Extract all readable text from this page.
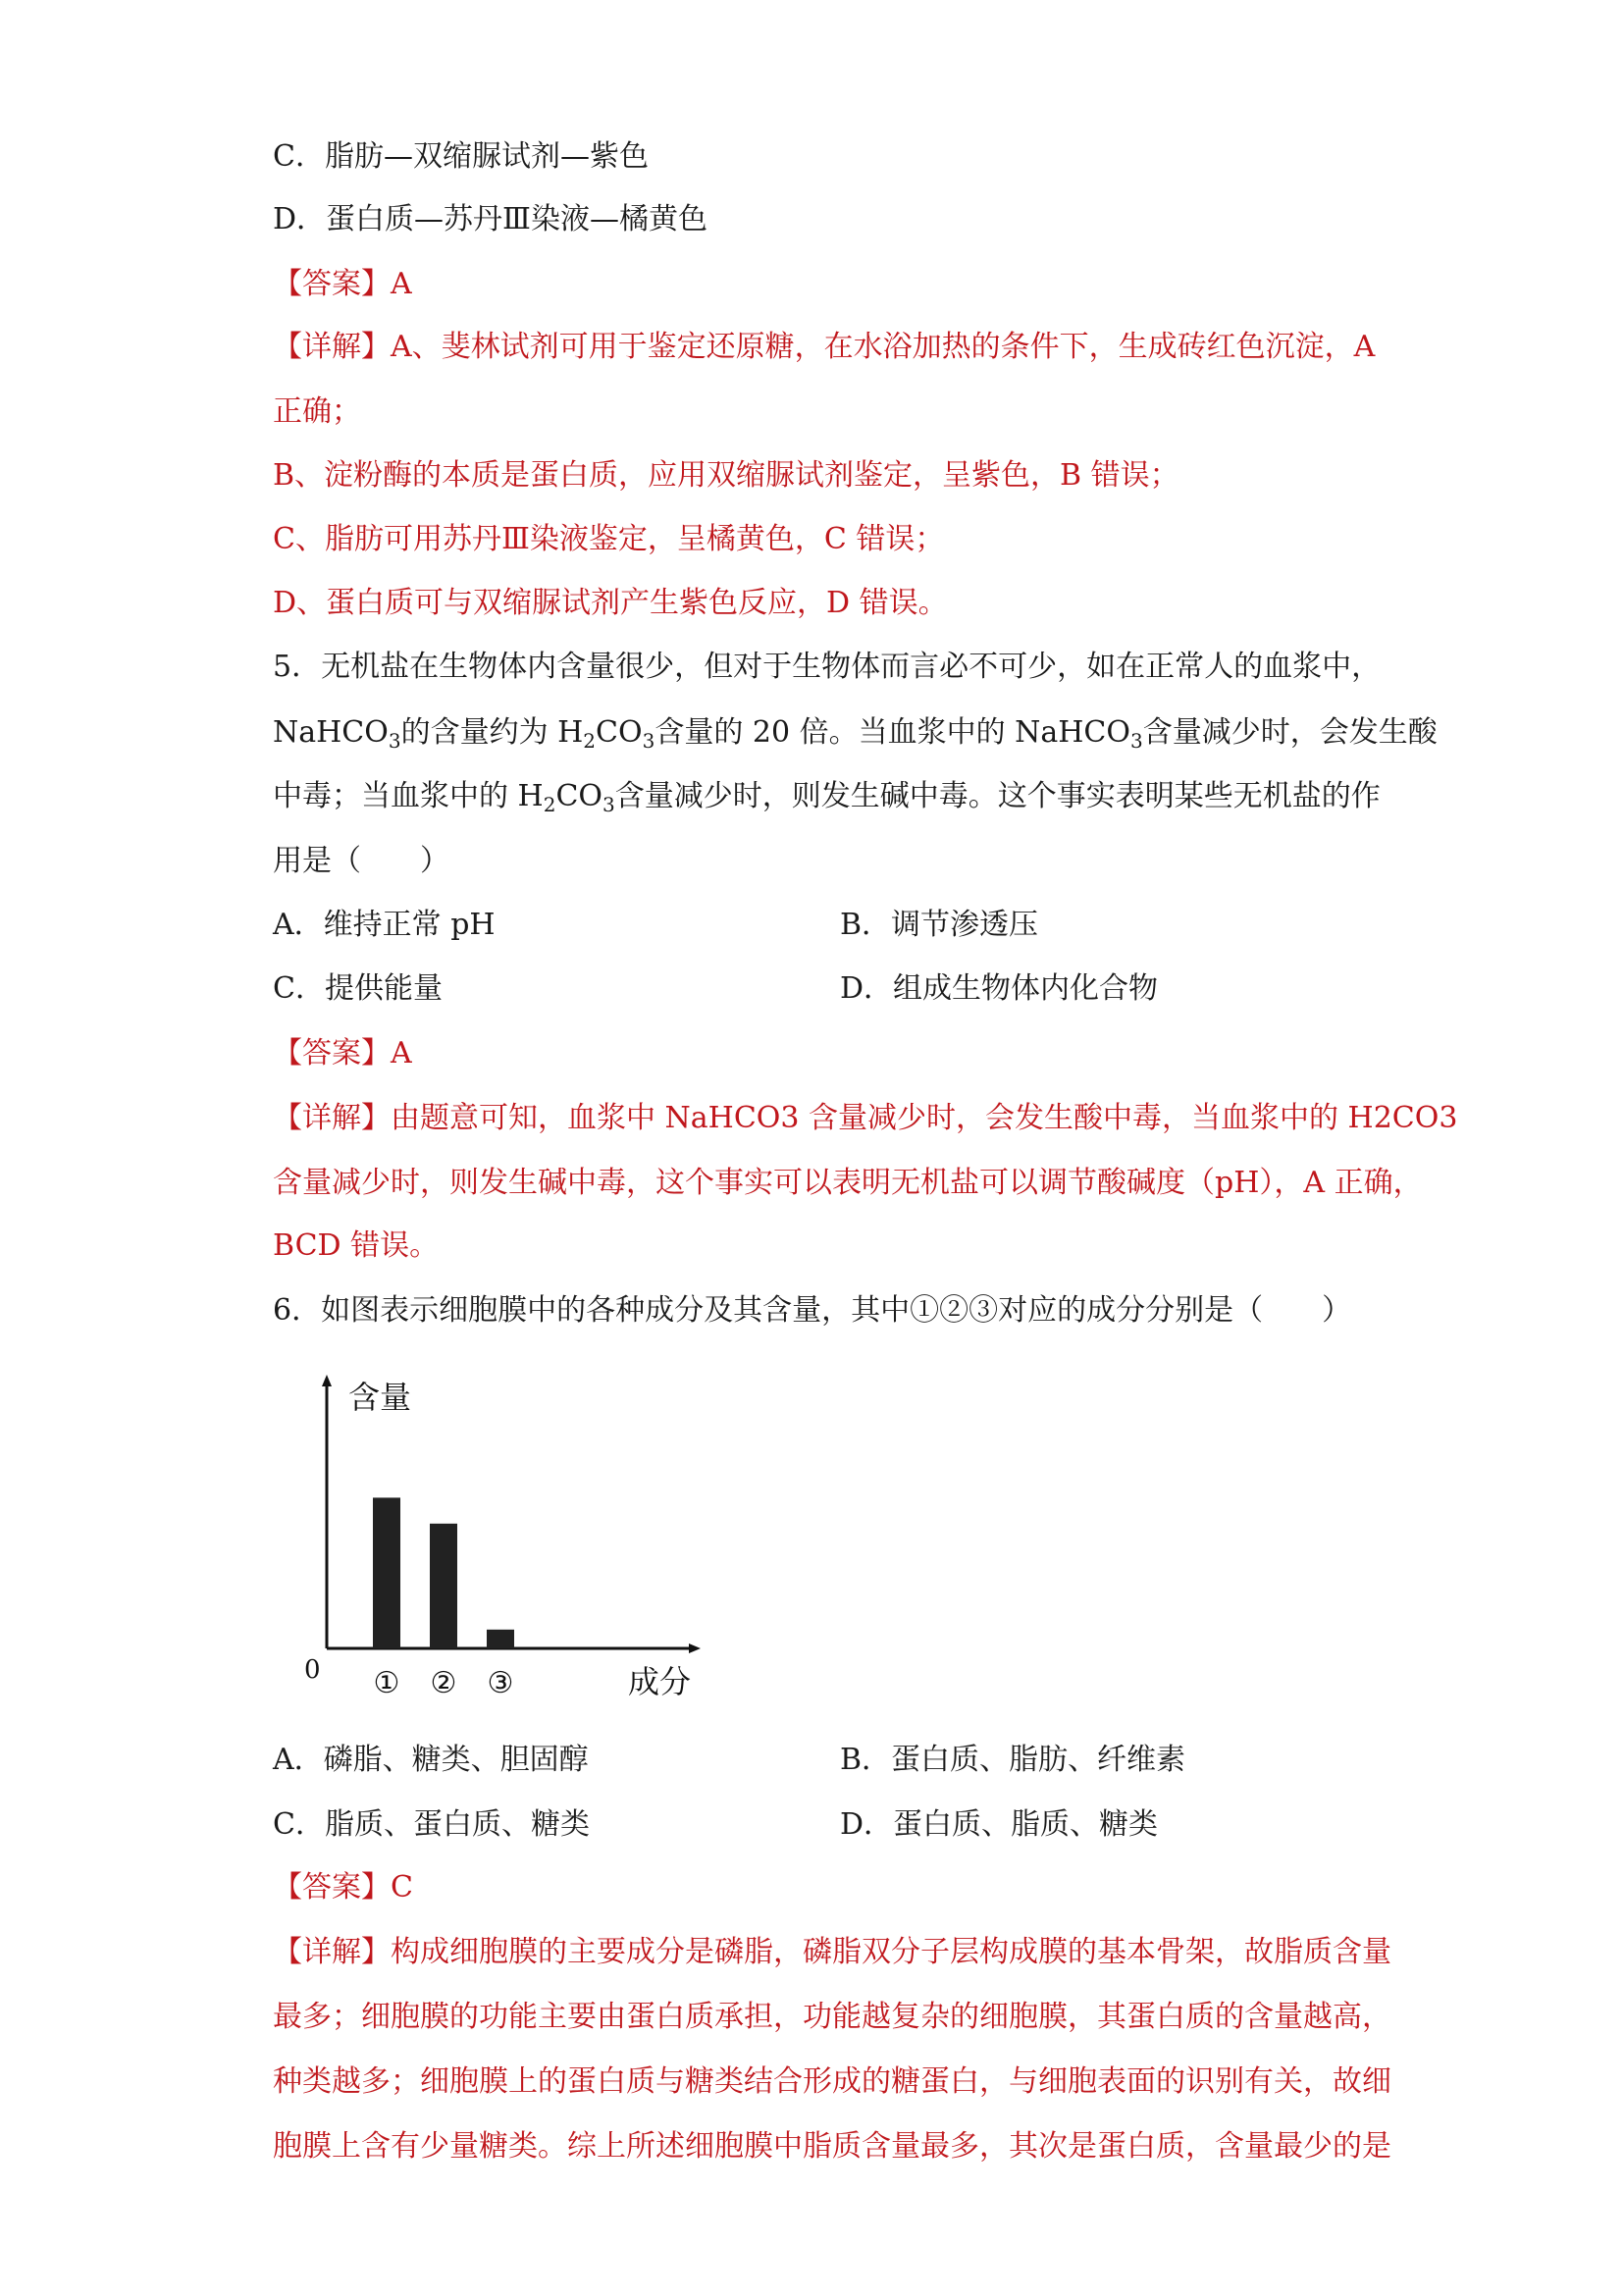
C．脂肪—双缩脲试剂—紫色
D．蛋白质—苏丹Ⅲ染液—橘黄色
【答案】A
【详解】A、斐林试剂可用于鉴定还原糖，在水浴加热的条件下，生成砖红色沉淀，A
正确；
B、淀粉酶的本质是蛋白质，应用双缩脲试剂鉴定，呈紫色，B 错误；
C、脂肪可用苏丹Ⅲ染液鉴定，呈橘黄色，C 错误；
D、蛋白质可与双缩脲试剂产生紫色反应，D 错误。
5．无机盐在生物体内含量很少，但对于生物体而言必不可少，如在正常人的血浆中，
NaHCO$_3$的含量约为 $H_2CO_3$含量的 20 倍。当血浆中的 NaHCO$_3$含量减少时，会发生酸
中毒；当血浆中的 $H_2CO_3$含量减少时，则发生碱中毒。这个事实表明某些无机盐的作
用是（　　）
A．维持正常 pH	B．调节渗透压
C．提供能量	D．组成生物体内化合物
【答案】A
【详解】由题意可知，血浆中 NaHCO3 含量减少时，会发生酸中毒，当血浆中的 H2CO3
含量减少时，则发生碱中毒，这个事实可以表明无机盐可以调节酸碱度（pH），A 正确，
BCD 错误。
6．如图表示细胞膜中的各种成分及其含量，其中①②③对应的成分分别是（　　）
含量
成分
0 ① ② ③
A．磷脂、糖类、胆固醇	B．蛋白质、脂肪、纤维素
C．脂质、蛋白质、糖类	D．蛋白质、脂质、糖类
【答案】C
【详解】构成细胞膜的主要成分是磷脂，磷脂双分子层构成膜的基本骨架，故脂质含量
最多；细胞膜的功能主要由蛋白质承担，功能越复杂的细胞膜，其蛋白质的含量越高，
种类越多；细胞膜上的蛋白质与糖类结合形成的糖蛋白，与细胞表面的识别有关，故细
胞膜上含有少量糖类。综上所述细胞膜中脂质含量最多，其次是蛋白质，含量最少的是
